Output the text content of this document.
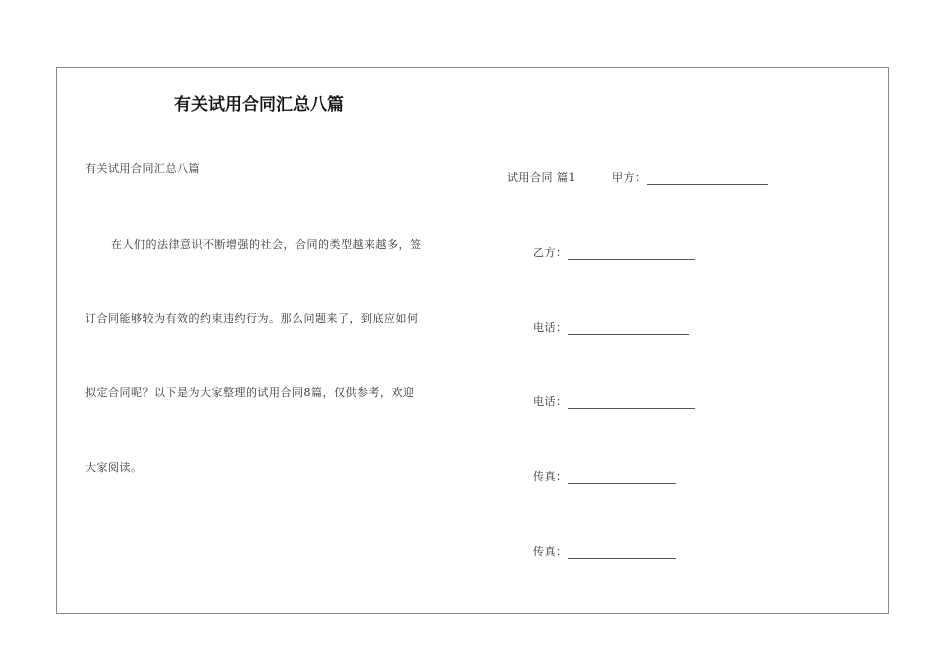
有关试用合同汇总八篇
有关试用合同汇总八篇
在人们的法律意识不断增强的社会，合同的类型越来越多，签
订合同能够较为有效的约束违约行为。那么问题来了，到底应如何
拟定合同呢？以下是为大家整理的试用合同8篇，仅供参考，欢迎
大家阅读。
试用合同 篇1	甲方：
乙方：
电话：
电话：
传真：
传真：
